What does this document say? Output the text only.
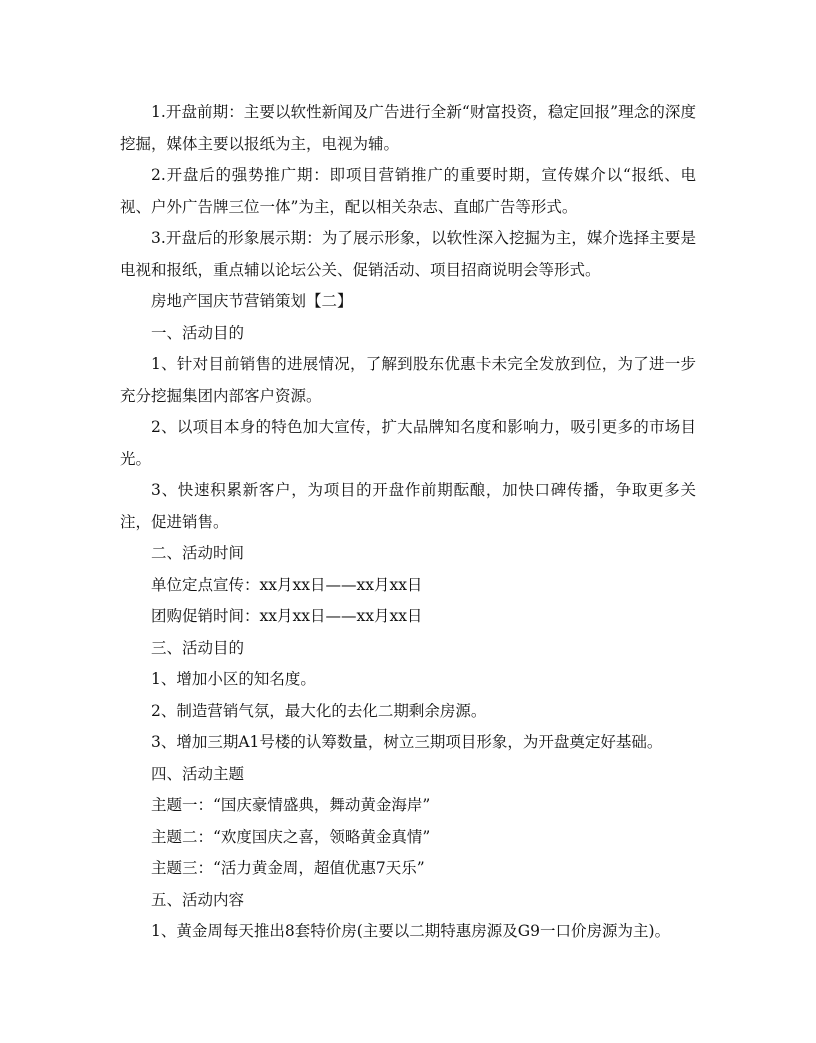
1.开盘前期：主要以软性新闻及广告进行全新“财富投资，稳定回报”理念的深度挖掘，媒体主要以报纸为主，电视为辅。

2.开盘后的强势推广期：即项目营销推广的重要时期，宣传媒介以“报纸、电视、户外广告牌三位一体”为主，配以相关杂志、直邮广告等形式。

3.开盘后的形象展示期：为了展示形象，以软性深入挖掘为主，媒介选择主要是电视和报纸，重点辅以论坛公关、促销活动、项目招商说明会等形式。

房地产国庆节营销策划【二】

一、活动目的

1、针对目前销售的进展情况，了解到股东优惠卡未完全发放到位，为了进一步充分挖掘集团内部客户资源。

2、以项目本身的特色加大宣传，扩大品牌知名度和影响力，吸引更多的市场目光。

3、快速积累新客户，为项目的开盘作前期酝酿，加快口碑传播，争取更多关注，促进销售。

二、活动时间

单位定点宣传：xx月xx日——xx月xx日

团购促销时间：xx月xx日——xx月xx日

三、活动目的

1、增加小区的知名度。

2、制造营销气氛，最大化的去化二期剩余房源。

3、增加三期A1号楼的认筹数量，树立三期项目形象，为开盘奠定好基础。

四、活动主题

主题一：“国庆豪情盛典，舞动黄金海岸”

主题二：“欢度国庆之喜，领略黄金真情”

主题三：“活力黄金周，超值优惠7天乐”

五、活动内容

1、黄金周每天推出8套特价房(主要以二期特惠房源及G9一口价房源为主)。
